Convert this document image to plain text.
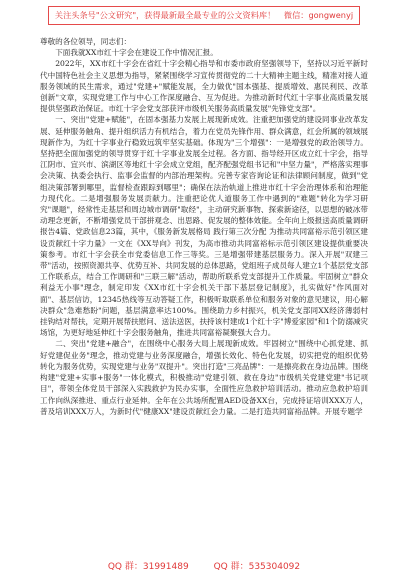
关注头条号"公文研究"，获得最新最全最专业的公文资料库！ 微信：gongwenyj

尊敬的各位领导，同志们：

下面我就XX市红十字会在建设工作中情况汇报。

2022年，XX市红十字会在省红十字会精心指导和市委市政府坚强领导下，坚持以习近平新时代中国特色社会主义思想为指导，紧紧围绕学习宣传贯彻党的二十大精神主题主线，精准对接人道服务领域的民生需求，通过"党建+"赋能发展，全力做优"国本强基、提质增效、惠民利民、改革创新"文章，实现党建工作与中心工作深度融合、互为促进。为推动新时代红十字事业高质量发展提供坚强政治保证。市红十字会党支部获评市级机关服务高质量发展"先锋党支部"。

一、突出"党建+赋能"，在固本强基力发展上展现新成效。注重把加强党的建设同事业改革发展、延伸服务触角、提升组织活力有机结合，着力在党员先锋作用、群众满意，红会所属的领域展现新作为，为红十字事业行稳致远筑牢坚实基础。体现为"三个增强"：一是增强党的政治领导力。坚持把全面加强党的领导贯穿于红十字事业发展全过程。各方面、指导经开区成立红十字会，指导江阴市、宜兴市、滨湖区等地红十字会成立党组，配齐配强党组书记和"中坚力量"，严格落实理事会决策、执委会执行、监事会监督的内部治理架构。完善专家咨询论证和法律顾问制度，做到"党组决策部署到哪里，监督检查跟踪到哪里"；确保在法治轨道上推进市红十字会治理体系和治理能力现代化。二是增强服务发展贡献力。注重把论优人道服务工作中遇到的"难题"转化为学习研究"课题"，经常性走基层和周边城市调研"取经"，主动研究新事物、探索新途径，以思想的破冰带动理念更新，不断增强党员干部拼观念、出思路、促发展的整体效能。全年向上级报送高质量调研报告4篇、党政信息23篇，其中，《服务新发展格局 践行第三次分配 为推动共同富裕示范引领区建设贡献红十字力量》一文在《XX导向》刊发，为高市推动共同富裕标示范引领区建设提供重要决策参考。市红十字会获全市党委信息工作三等奖。三是增强带建基层服务力。深入开展"双建三带"活动，按照资源共享、优势互补、共同发展的总体思路，党组班子成员每人建立1个基层党支部工作联系点，结合工作调研和"三联三解"活动，帮助所联系党支部提升工作质量。牢固树立"群众利益无小事"理念，制定印发《XX市红十字会机关干部下基层登记制度》，扎实做好"作风面对面"、基层信访，12345热线等互动答疑工作，积极听取联系单位和服务对象的意见建议，用心解决群众"急难愁盼"问题，基层满意率达100%。围绕助力乡村振兴，机关党支部同XX经济薄弱村挂钩结对帮扶，定期开展帮扶慰问、送法送医，扶持该村建成1个红十字"博爱家园"和1个防溺减灾场馆，为更好地延伸红十字会服务触角，推进共同富裕凝聚强大合力。

二、突出"党建+融合"，在围绕中心服务大局上展现新成效。牢固树立"围绕中心抓党建、抓好党建促业务"理念，推动党建与业务深度融合，增强长效化、特色化发展，切实把党的组织优势转化为服务优势，实现党建与业务"双提升"。突出打造"三亮品牌"：一是擦亮救在身边品牌。围绕构建"党建+实事+服务"一体化模式，积极推动"党建引领、救在身边"市级机关党建党建"书记项目"，带领全体党员干部深入实践救护为民办实事，全面性应急救护培训活动。推动应急救护培训工作向纵深推进、重点行业延伸。全年在公共场所配置AED设备XX台，完成持证培训XXX万人，普及培训XXX万人，为新时代"健康XX"建设贡献红会力量。二是打造共同富裕品牌。开展专题学

QQ 群：31991489	QQ 群：535304092
